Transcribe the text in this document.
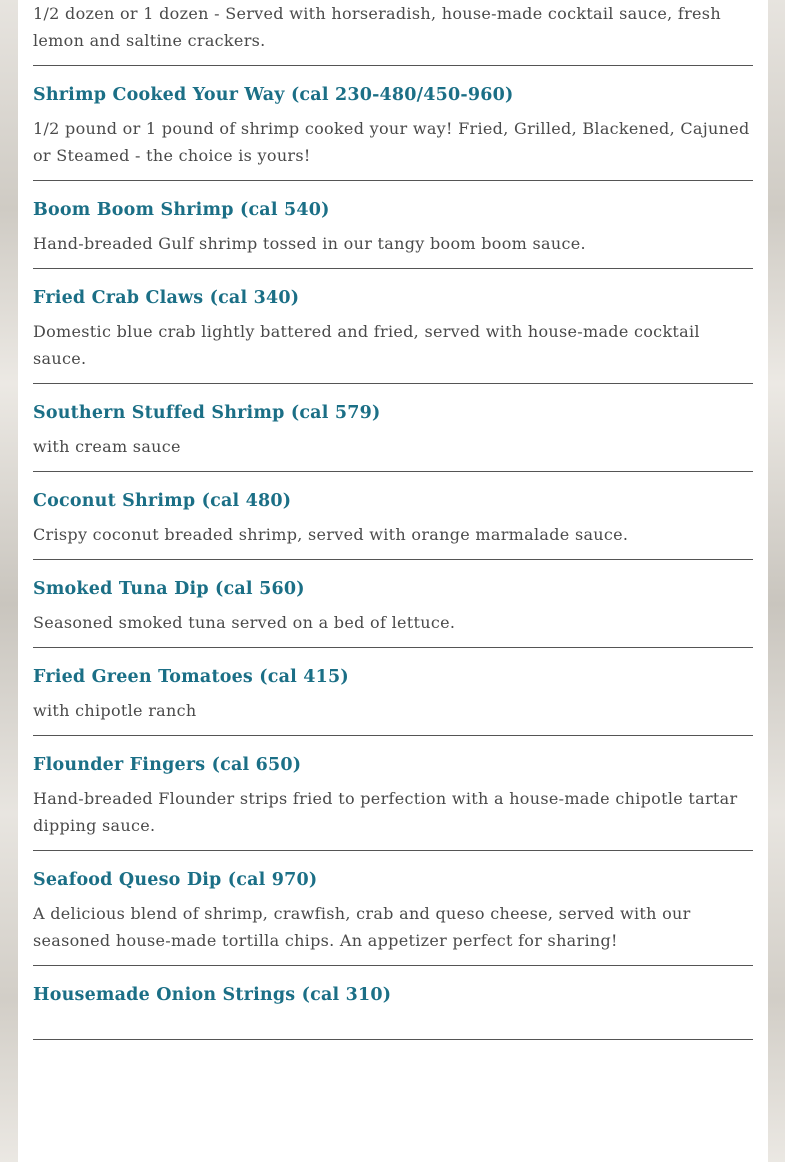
1/2 dozen or 1 dozen - Served with horseradish, house-made cocktail sauce, fresh lemon and saltine crackers.

Shrimp Cooked Your Way (cal 230-480/450-960)

1/2 pound or 1 pound of shrimp cooked your way! Fried, Grilled, Blackened, Cajuned or Steamed - the choice is yours!

Boom Boom Shrimp (cal 540)

Hand-breaded Gulf shrimp tossed in our tangy boom boom sauce.

Fried Crab Claws (cal 340)

Domestic blue crab lightly battered and fried, served with house-made cocktail sauce.

Southern Stuffed Shrimp (cal 579)

with cream sauce

Coconut Shrimp (cal 480)

Crispy coconut breaded shrimp, served with orange marmalade sauce.

Smoked Tuna Dip (cal 560)

Seasoned smoked tuna served on a bed of lettuce.

Fried Green Tomatoes (cal 415)

with chipotle ranch

Flounder Fingers (cal 650)

Hand-breaded Flounder strips fried to perfection with a house-made chipotle tartar dipping sauce.

Seafood Queso Dip (cal 970)

A delicious blend of shrimp, crawfish, crab and queso cheese, served with our seasoned house-made tortilla chips. An appetizer perfect for sharing!

Housemade Onion Strings (cal 310)
